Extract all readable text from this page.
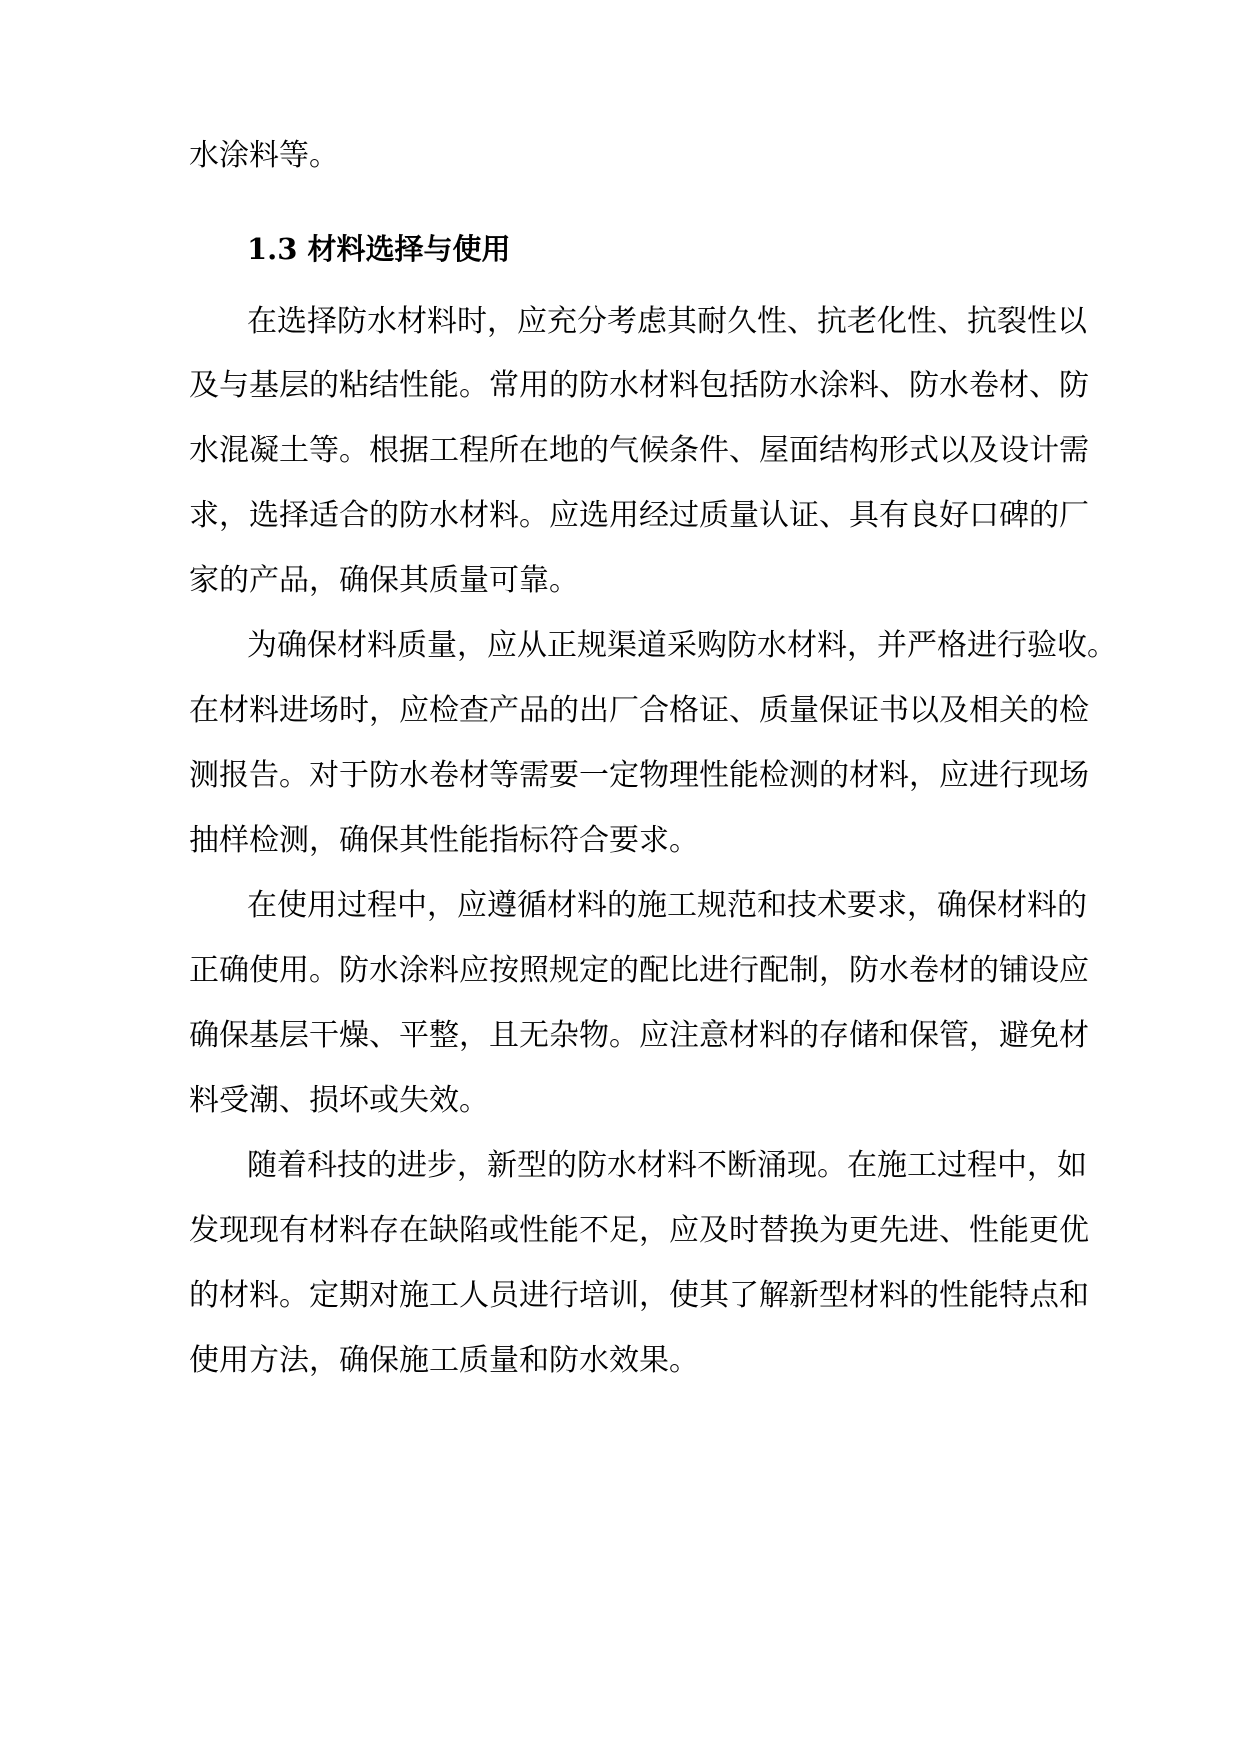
水涂料等。
1.3 材料选择与使用
在选择防水材料时，应充分考虑其耐久性、抗老化性、抗裂性以
及与基层的粘结性能。常用的防水材料包括防水涂料、防水卷材、防
水混凝土等。根据工程所在地的气候条件、屋面结构形式以及设计需
求，选择适合的防水材料。应选用经过质量认证、具有良好口碑的厂
家的产品，确保其质量可靠。
为确保材料质量，应从正规渠道采购防水材料，并严格进行验收。
在材料进场时，应检查产品的出厂合格证、质量保证书以及相关的检
测报告。对于防水卷材等需要一定物理性能检测的材料，应进行现场
抽样检测，确保其性能指标符合要求。
在使用过程中，应遵循材料的施工规范和技术要求，确保材料的
正确使用。防水涂料应按照规定的配比进行配制，防水卷材的铺设应
确保基层干燥、平整，且无杂物。应注意材料的存储和保管，避免材
料受潮、损坏或失效。
随着科技的进步，新型的防水材料不断涌现。在施工过程中，如
发现现有材料存在缺陷或性能不足，应及时替换为更先进、性能更优
的材料。定期对施工人员进行培训，使其了解新型材料的性能特点和
使用方法，确保施工质量和防水效果。
